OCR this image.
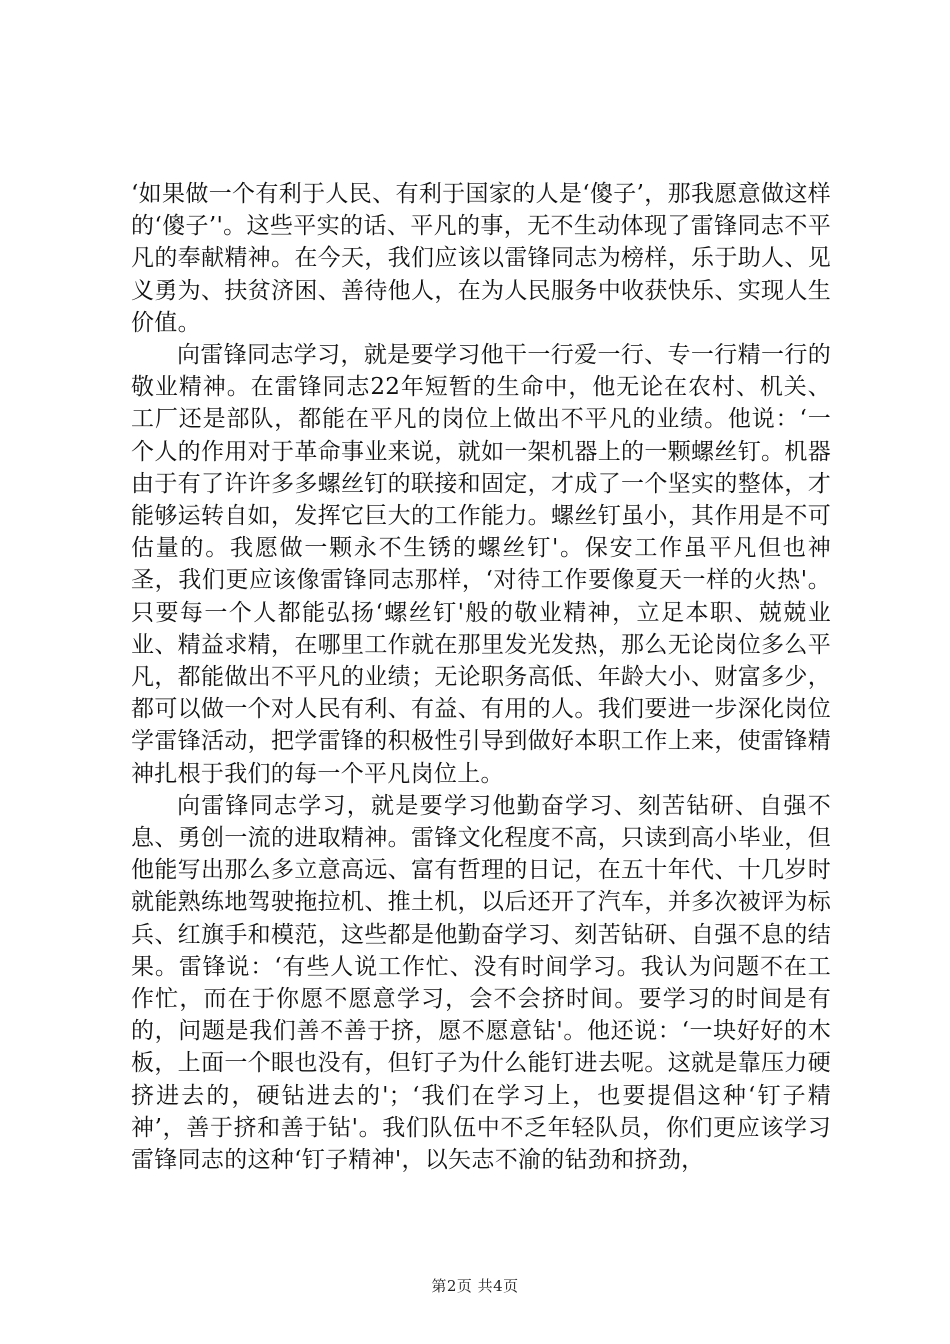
‘如果做一个有利于人民、有利于国家的人是‘傻子’，那我愿意做这样的‘傻子’'。这些平实的话、平凡的事，无不生动体现了雷锋同志不平凡的奉献精神。在今天，我们应该以雷锋同志为榜样，乐于助人、见义勇为、扶贫济困、善待他人，在为人民服务中收获快乐、实现人生价值。

向雷锋同志学习，就是要学习他干一行爱一行、专一行精一行的敬业精神。在雷锋同志22年短暂的生命中，他无论在农村、机关、工厂还是部队，都能在平凡的岗位上做出不平凡的业绩。他说：‘一个人的作用对于革命事业来说，就如一架机器上的一颗螺丝钉。机器由于有了许许多多螺丝钉的联接和固定，才成了一个坚实的整体，才能够运转自如，发挥它巨大的工作能力。螺丝钉虽小，其作用是不可估量的。我愿做一颗永不生锈的螺丝钉'。保安工作虽平凡但也神圣，我们更应该像雷锋同志那样，‘对待工作要像夏天一样的火热'。只要每一个人都能弘扬‘螺丝钉'般的敬业精神，立足本职、兢兢业业、精益求精，在哪里工作就在那里发光发热，那么无论岗位多么平凡，都能做出不平凡的业绩；无论职务高低、年龄大小、财富多少，都可以做一个对人民有利、有益、有用的人。我们要进一步深化岗位学雷锋活动，把学雷锋的积极性引导到做好本职工作上来，使雷锋精神扎根于我们的每一个平凡岗位上。

向雷锋同志学习，就是要学习他勤奋学习、刻苦钻研、自强不息、勇创一流的进取精神。雷锋文化程度不高，只读到高小毕业，但他能写出那么多立意高远、富有哲理的日记，在五十年代、十几岁时就能熟练地驾驶拖拉机、推土机，以后还开了汽车，并多次被评为标兵、红旗手和模范，这些都是他勤奋学习、刻苦钻研、自强不息的结果。雷锋说：‘有些人说工作忙、没有时间学习。我认为问题不在工作忙，而在于你愿不愿意学习，会不会挤时间。要学习的时间是有的，问题是我们善不善于挤，愿不愿意钻'。他还说：‘一块好好的木板，上面一个眼也没有，但钉子为什么能钉进去呢。这就是靠压力硬挤进去的，硬钻进去的'；‘我们在学习上，也要提倡这种‘钉子精神’，善于挤和善于钻'。我们队伍中不乏年轻队员，你们更应该学习雷锋同志的这种‘钉子精神'，以矢志不渝的钻劲和挤劲，

第2页 共4页
